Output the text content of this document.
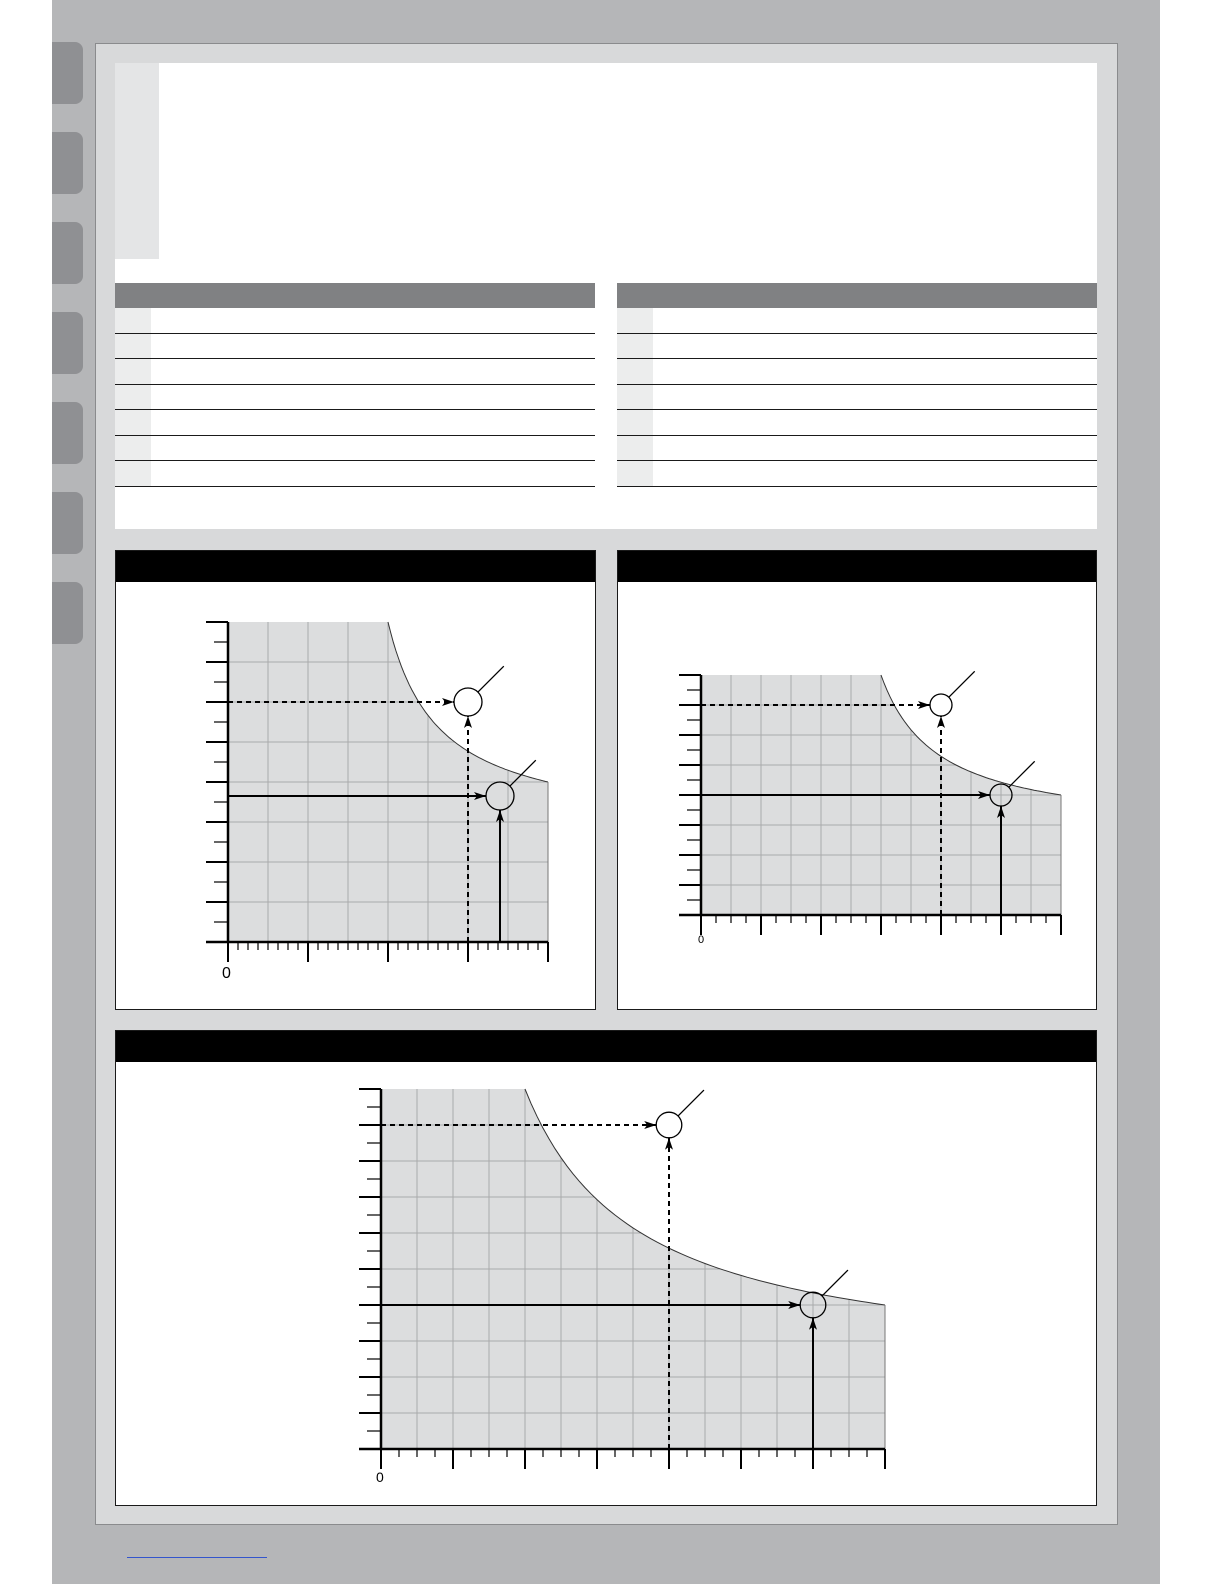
0
0
0
